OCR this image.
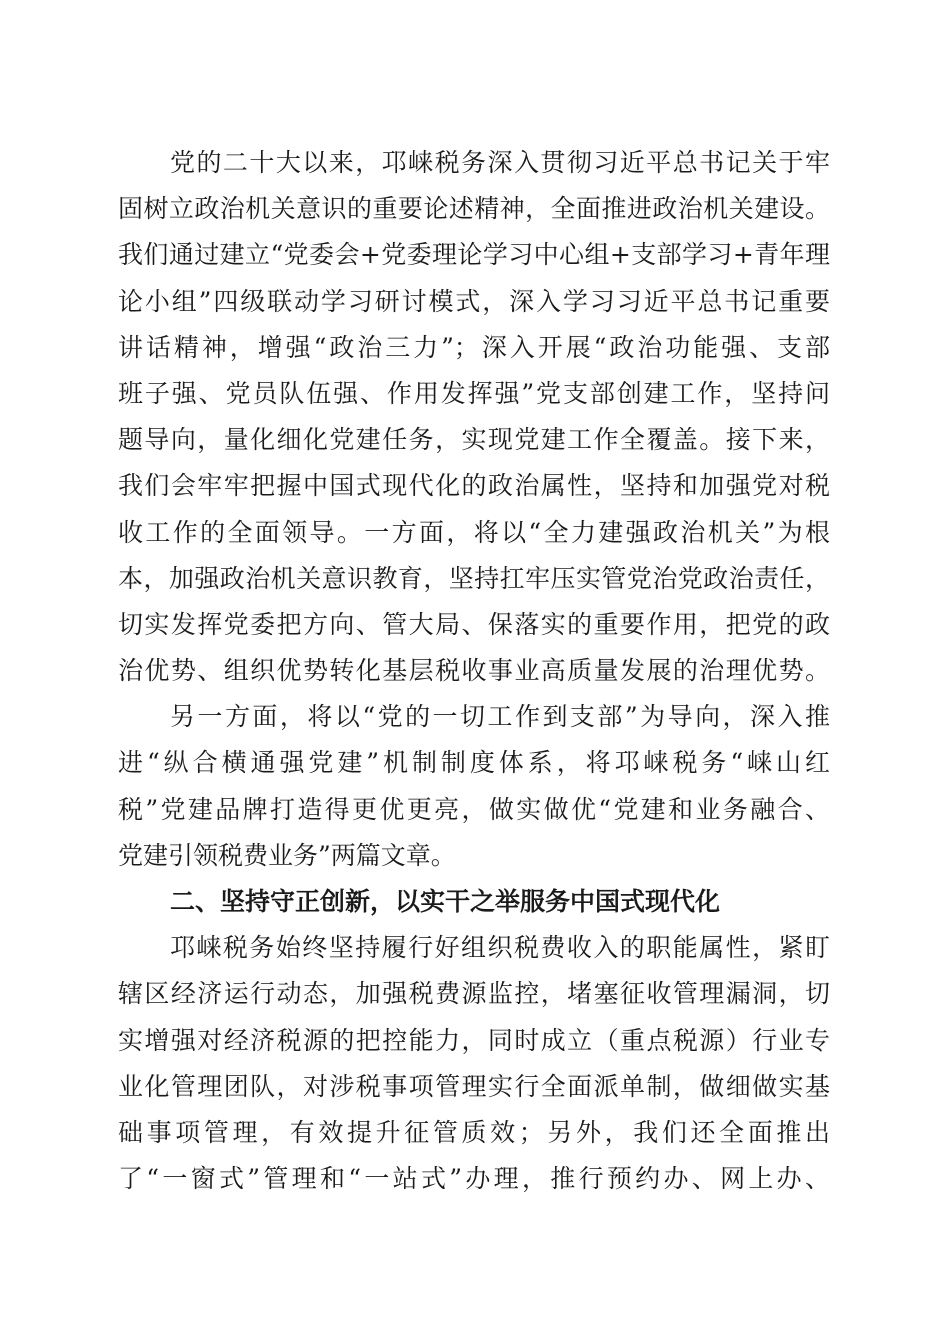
党的二十大以来，邛崃税务深入贯彻习近平总书记关于牢
固树立政治机关意识的重要论述精神，全面推进政治机关建设。
我们通过建立“党委会+党委理论学习中心组+支部学习+青年理
论小组”四级联动学习研讨模式，深入学习习近平总书记重要
讲话精神，增强“政治三力”；深入开展“政治功能强、支部
班子强、党员队伍强、作用发挥强”党支部创建工作，坚持问
题导向，量化细化党建任务，实现党建工作全覆盖。接下来，
我们会牢牢把握中国式现代化的政治属性，坚持和加强党对税
收工作的全面领导。一方面，将以“全力建强政治机关”为根
本，加强政治机关意识教育，坚持扛牢压实管党治党政治责任，
切实发挥党委把方向、管大局、保落实的重要作用，把党的政
治优势、组织优势转化基层税收事业高质量发展的治理优势。
另一方面，将以“党的一切工作到支部”为导向，深入推
进“纵合横通强党建”机制制度体系，将邛崃税务“崃山红
税”党建品牌打造得更优更亮，做实做优“党建和业务融合、
党建引领税费业务”两篇文章。
二、坚持守正创新，以实干之举服务中国式现代化
邛崃税务始终坚持履行好组织税费收入的职能属性，紧盯
辖区经济运行动态，加强税费源监控，堵塞征收管理漏洞，切
实增强对经济税源的把控能力，同时成立（重点税源）行业专
业化管理团队，对涉税事项管理实行全面派单制，做细做实基
础事项管理，有效提升征管质效；另外，我们还全面推出
了“一窗式”管理和“一站式”办理，推行预约办、网上办、
